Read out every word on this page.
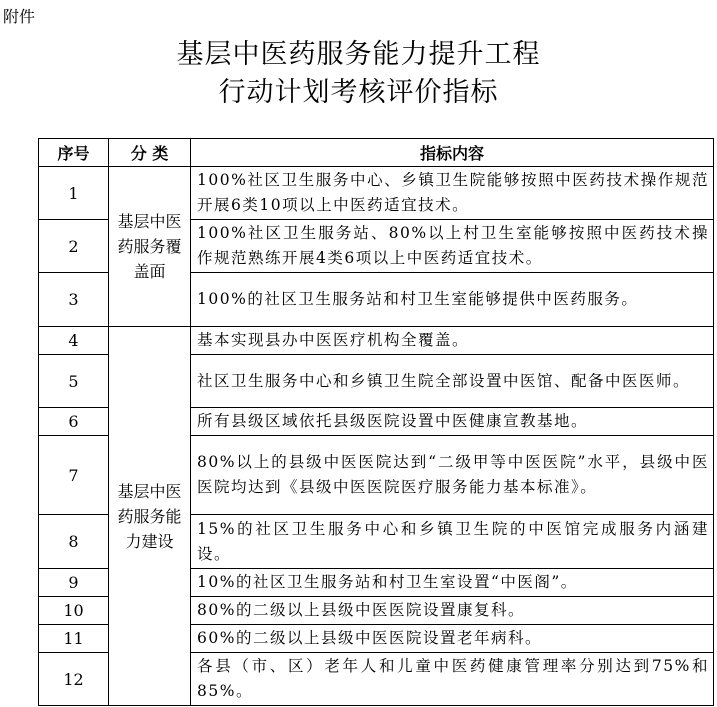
附件
基层中医药服务能力提升工程
行动计划考核评价指标
序号	分 类	指标内容
1	基层中医药服务覆盖面	100%社区卫生服务中心、乡镇卫生院能够按照中医药技术操作规范开展6类10项以上中医药适宜技术。
2		100%社区卫生服务站、80%以上村卫生室能够按照中医药技术操作规范熟练开展4类6项以上中医药适宜技术。
3		100%的社区卫生服务站和村卫生室能够提供中医药服务。
4	基层中医药服务能力建设	基本实现县办中医医疗机构全覆盖。
5		社区卫生服务中心和乡镇卫生院全部设置中医馆、配备中医医师。
6		所有县级区域依托县级医院设置中医健康宣教基地。
7		80%以上的县级中医医院达到“二级甲等中医医院”水平，县级中医医院均达到《县级中医医院医疗服务能力基本标准》。
8		15%的社区卫生服务中心和乡镇卫生院的中医馆完成服务内涵建设。
9		10%的社区卫生服务站和村卫生室设置“中医阁”。
10		80%的二级以上县级中医医院设置康复科。
11		60%的二级以上县级中医医院设置老年病科。
12		各县（市、区）老年人和儿童中医药健康管理率分别达到75%和85%。
